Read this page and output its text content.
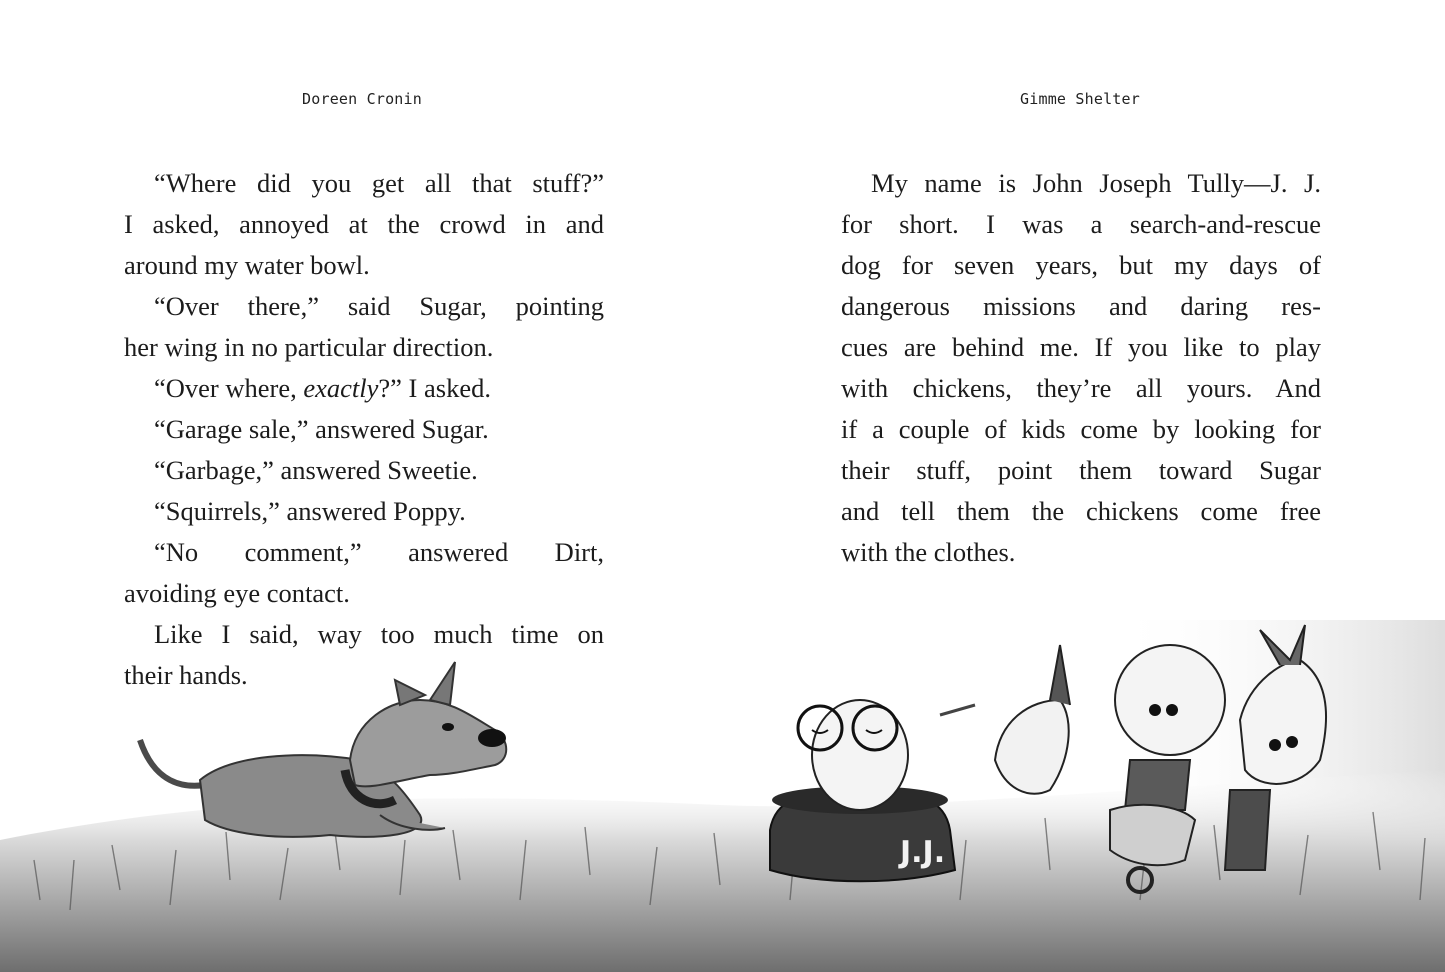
Doreen Cronin
“Where did you get all that stuff?”
I asked, annoyed at the crowd in and
around my water bowl.
“Over there,” said Sugar, pointing
her wing in no particular direction.
“Over where, exactly?” I asked.
“Garage sale,” answered Sugar.
“Garbage,” answered Sweetie.
“Squirrels,” answered Poppy.
“No comment,” answered Dirt,
avoiding eye contact.
Like I said, way too much time on
their hands.
Gimme Shelter
My name is John Joseph Tully—J. J.
for short. I was a search-and-rescue
dog for seven years, but my days of
dangerous missions and daring res-
cues are behind me. If you like to play
with chickens, they’re all yours. And
if a couple of kids come by looking for
their stuff, point them toward Sugar
and tell them the chickens come free
with the clothes.
J.J.
